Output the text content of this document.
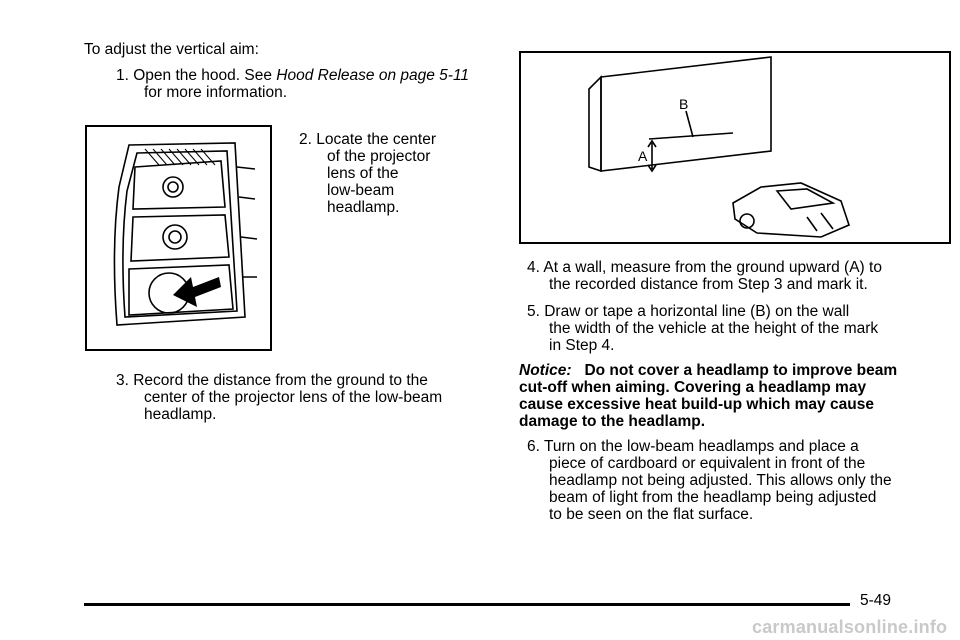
To adjust the vertical aim:
1. Open the hood. See Hood Release on page 5-11
for more information.
2. Locate the center
of the projector
lens of the
low-beam
headlamp.
3. Record the distance from the ground to the
center of the projector lens of the low-beam
headlamp.
B
A
4. At a wall, measure from the ground upward (A) to
the recorded distance from Step 3 and mark it.
5. Draw or tape a horizontal line (B) on the wall
the width of the vehicle at the height of the mark
in Step 4.
Notice: Do not cover a headlamp to improve beam
cut-off when aiming. Covering a headlamp may
cause excessive heat build-up which may cause
damage to the headlamp.
6. Turn on the low-beam headlamps and place a
piece of cardboard or equivalent in front of the
headlamp not being adjusted. This allows only the
beam of light from the headlamp being adjusted
to be seen on the flat surface.
5-49
carmanualsonline.info
